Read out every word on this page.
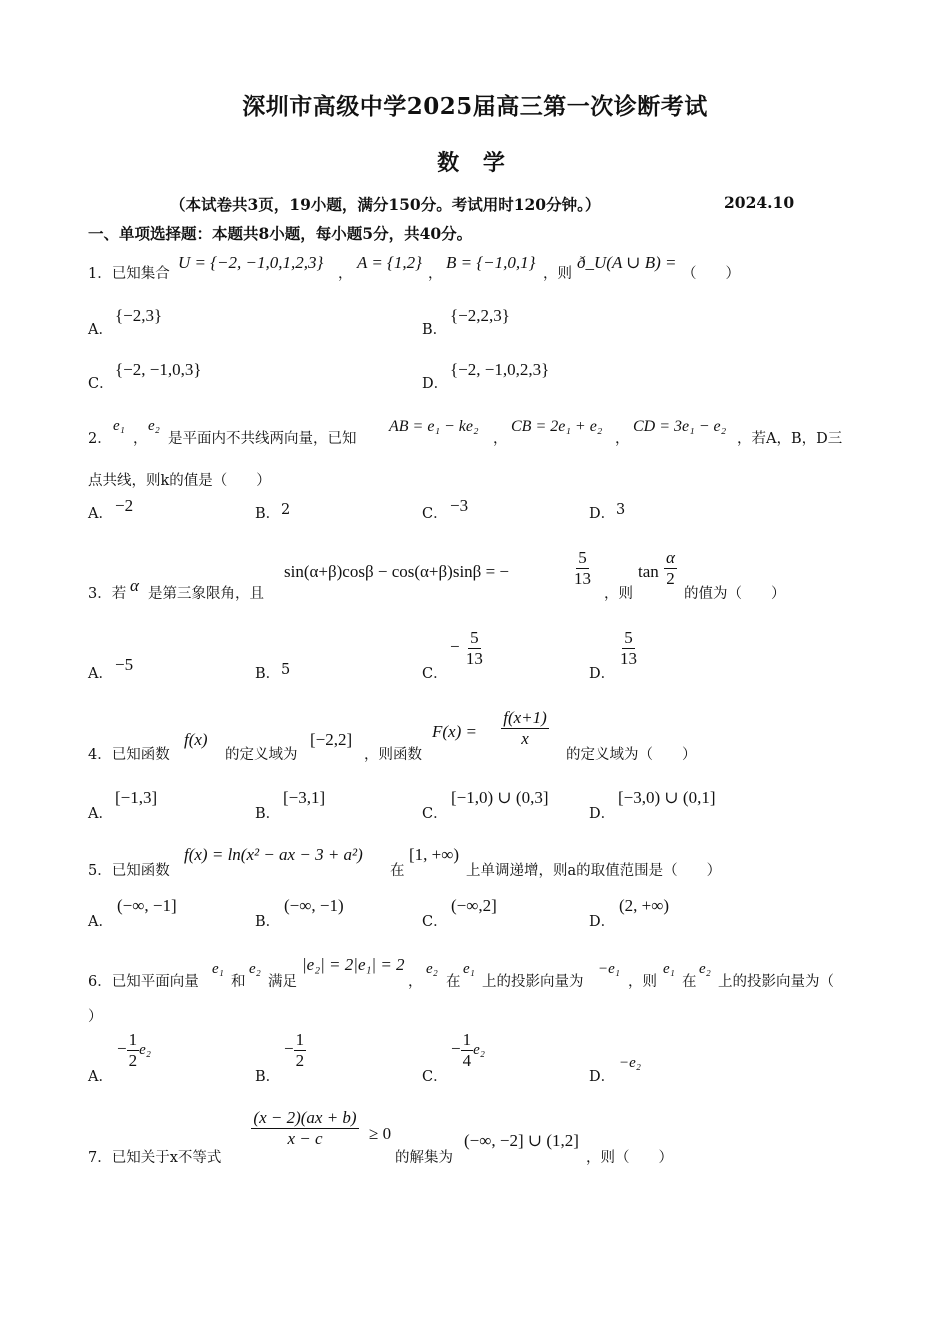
深圳市高级中学2025届高三第一次诊断考试
数 学
（本试卷共3页，19小题，满分150分。考试用时120分钟。）	2024.10
一、单项选择题：本题共8小题，每小题5分，共40分。
1．已知集合
U = {−2, −1,0,1,2,3}
，
A = {1,2}
，
B = {−1,0,1}
，则
ð_U(A ∪ B) =
（　　）
A．
{−2,3}
B．
{−2,2,3}
C．
{−2, −1,0,3}
D．
{−2, −1,0,2,3}
2．
e₁
，
e₂
是平面内不共线两向量，已知
AB = e₁ − ke₂
，
CB = 2e₁ + e₂
，
CD = 3e₁ − e₂
，若A，B，D三
点共线，则k的值是（　　）
A． −2	B． 2	C． −3	D． 3
3．若 α 是第三象限角，且
sin(α+β)cosβ − cos(α+β)sinβ = −	$\frac{5}{13}$
，则
$\tan \frac{\alpha}{2}$
的值为（　　）
A． −5	B． 5	C．
− $\frac{5}{13}$
D．
$\frac{5}{13}$
4．已知函数
f(x)
的定义域为
[−2,2]
，则函数
$F(x) = \frac{f(x+1)}{x}$
的定义域为（　　）
A．
[−1,3]
B．
[−3,1]
C．
[−1,0) ∪ (0,3]
D．
[−3,0) ∪ (0,1]
5．已知函数
f(x) = ln(x² − ax − 3 + a²)
在
[1, +∞)
上单调递增，则a的取值范围是（　　）
A．
(−∞, −1]
B．
(−∞, −1)
C．
(−∞,2]
D．
(2, +∞)
6．已知平面向量
e₁
和
e₂
满足
|e₂| = 2|e₁| = 2
，
e₂
在
e₁
上的投影向量为
−e₁
，则
e₁
在
e₂
上的投影向量为（
）
A．
− $\frac{1}{2} e_2$
B．
− $\frac{1}{2}$
C．
− $\frac{1}{4} e_2$
D．
−e₂
7．已知关于x不等式
$\frac{(x - 2)(ax + b)}{x - c} \ge 0$
的解集为
(−∞, −2] ∪ (1,2]
，则（　　）
